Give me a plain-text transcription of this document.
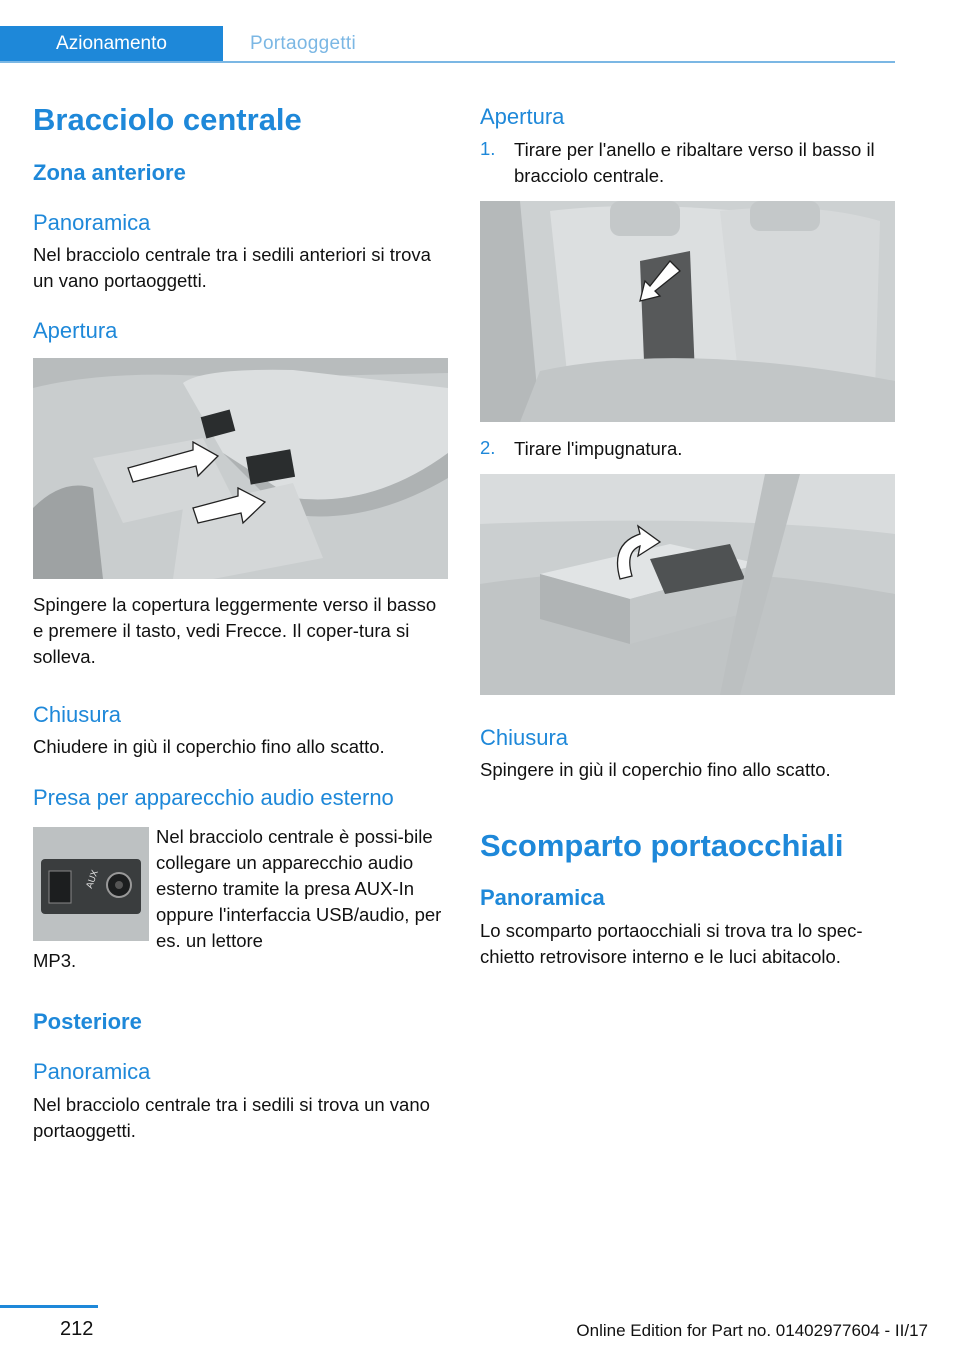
Azionamento	Portaoggetti
Bracciolo centrale
Zona anteriore
Panoramica

Nel bracciolo centrale tra i sedili anteriori si trova un vano portaoggetti.

Apertura

Spingere la copertura leggermente verso il basso e premere il tasto, vedi Frecce. Il coper-tura si solleva.

Chiusura

Chiudere in giù il coperchio fino allo scatto.

Presa per apparecchio audio esterno
AUX

Nel bracciolo centrale è possi-bile collegare un apparecchio audio esterno tramite la presa AUX-In oppure l'interfaccia USB/audio, per es. un lettore

MP3.

Posteriore
Panoramica

Nel bracciolo centrale tra i sedili si trova un vano portaoggetti.

Apertura
1. Tirare per l'anello e ribaltare verso il basso il bracciolo centrale.

2. Tirare l'impugnatura.

Chiusura

Spingere in giù il coperchio fino allo scatto.

Scomparto portaocchiali
Panoramica

Lo scomparto portaocchiali si trova tra lo spec-chietto retrovisore interno e le luci abitacolo.

212	Online Edition for Part no. 01402977604 - II/17
